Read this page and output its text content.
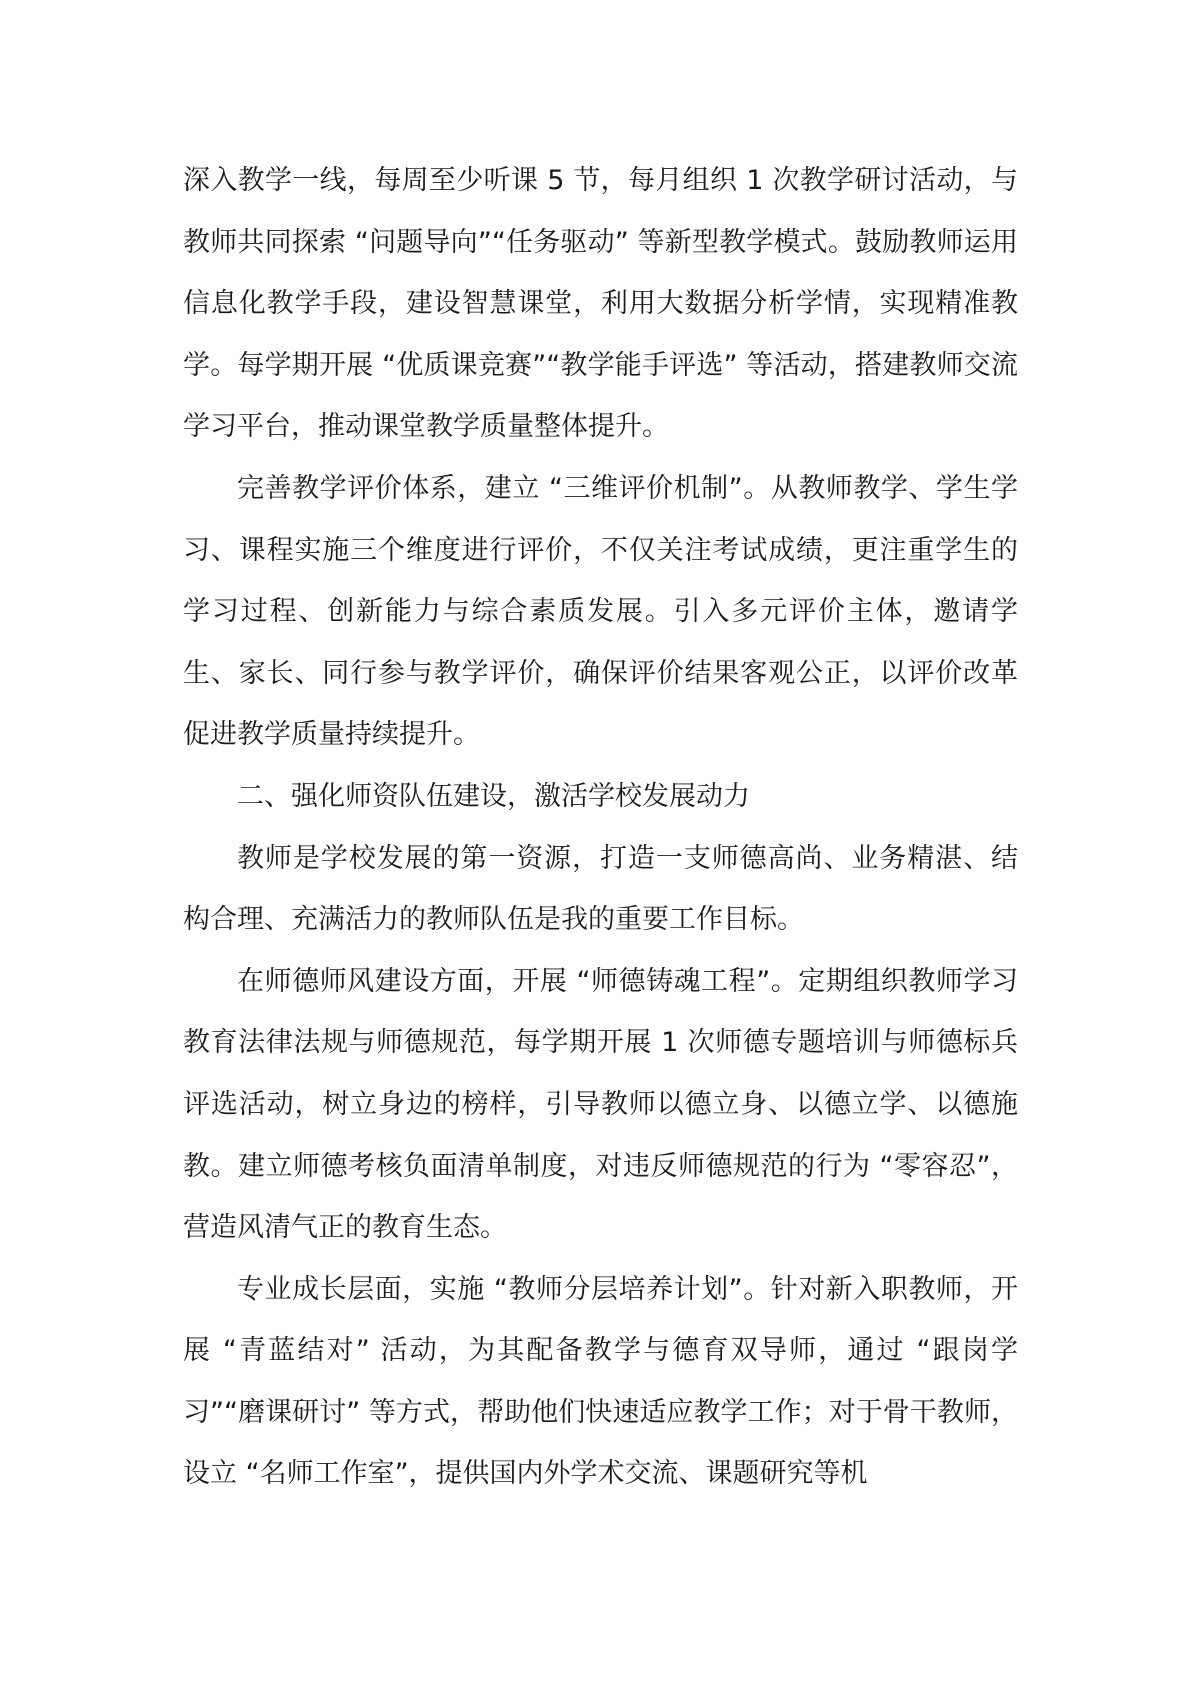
深入教学一线，每周至少听课 5 节，每月组织 1 次教学研讨活动，与教师共同探索 “问题导向”“任务驱动” 等新型教学模式。鼓励教师运用信息化教学手段，建设智慧课堂，利用大数据分析学情，实现精准教学。每学期开展 “优质课竞赛”“教学能手评选” 等活动，搭建教师交流学习平台，推动课堂教学质量整体提升。

完善教学评价体系，建立 “三维评价机制”。从教师教学、学生学习、课程实施三个维度进行评价，不仅关注考试成绩，更注重学生的学习过程、创新能力与综合素质发展。引入多元评价主体，邀请学生、家长、同行参与教学评价，确保评价结果客观公正，以评价改革促进教学质量持续提升。

二、强化师资队伍建设，激活学校发展动力

教师是学校发展的第一资源，打造一支师德高尚、业务精湛、结构合理、充满活力的教师队伍是我的重要工作目标。

在师德师风建设方面，开展 “师德铸魂工程”。定期组织教师学习教育法律法规与师德规范，每学期开展 1 次师德专题培训与师德标兵评选活动，树立身边的榜样，引导教师以德立身、以德立学、以德施教。建立师德考核负面清单制度，对违反师德规范的行为 “零容忍”，营造风清气正的教育生态。

专业成长层面，实施 “教师分层培养计划”。针对新入职教师，开展 “青蓝结对” 活动，为其配备教学与德育双导师，通过 “跟岗学习”“磨课研讨” 等方式，帮助他们快速适应教学工作；对于骨干教师，设立 “名师工作室”，提供国内外学术交流、课题研究等机
